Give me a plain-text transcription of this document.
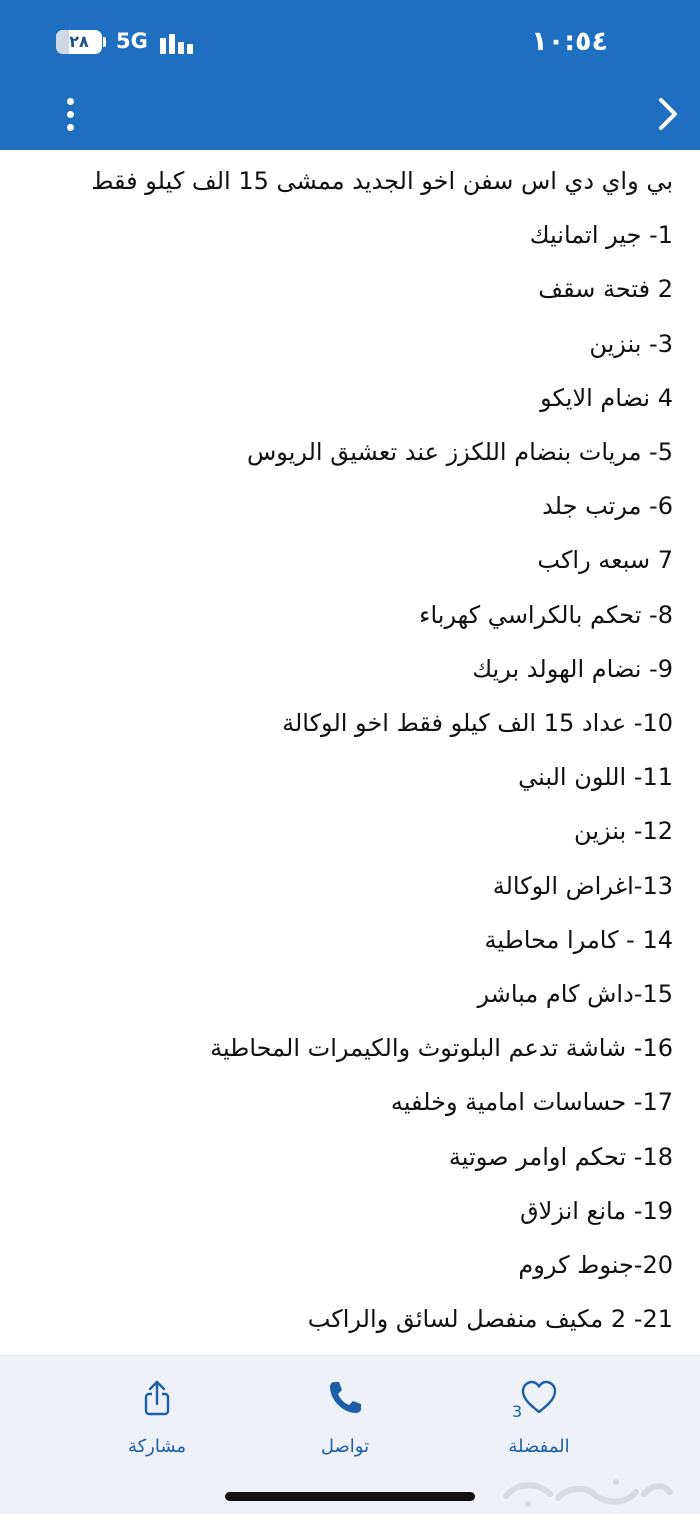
٢٨	5G	١٠:٥٤
بي واي دي اس سفن اخو الجديد ممشى 15 الف كيلو فقط
1- جير اتمانيك
2 فتحة سقف
3- بنزين
4 نضام الايكو
5- مريات بنضام اللكزز عند تعشيق الريوس
6- مرتب جلد
7 سبعه راكب
8- تحكم بالكراسي كهرباء
9- نضام الهولد بريك
10- عداد 15 الف كيلو فقط اخو الوكالة
11- اللون البني
12- بنزين
13-اغراض الوكالة
14 - كامرا محاطية
15-داش كام مباشر
16- شاشة تدعم البلوتوث والكيمرات المحاطية
17- حساسات امامية وخلفيه
18- تحكم اوامر صوتية
19- مانع انزلاق
20-جنوط كروم
21- 2 مكيف منفصل لسائق والراكب
مشاركة	تواصل
3
المفضلة
